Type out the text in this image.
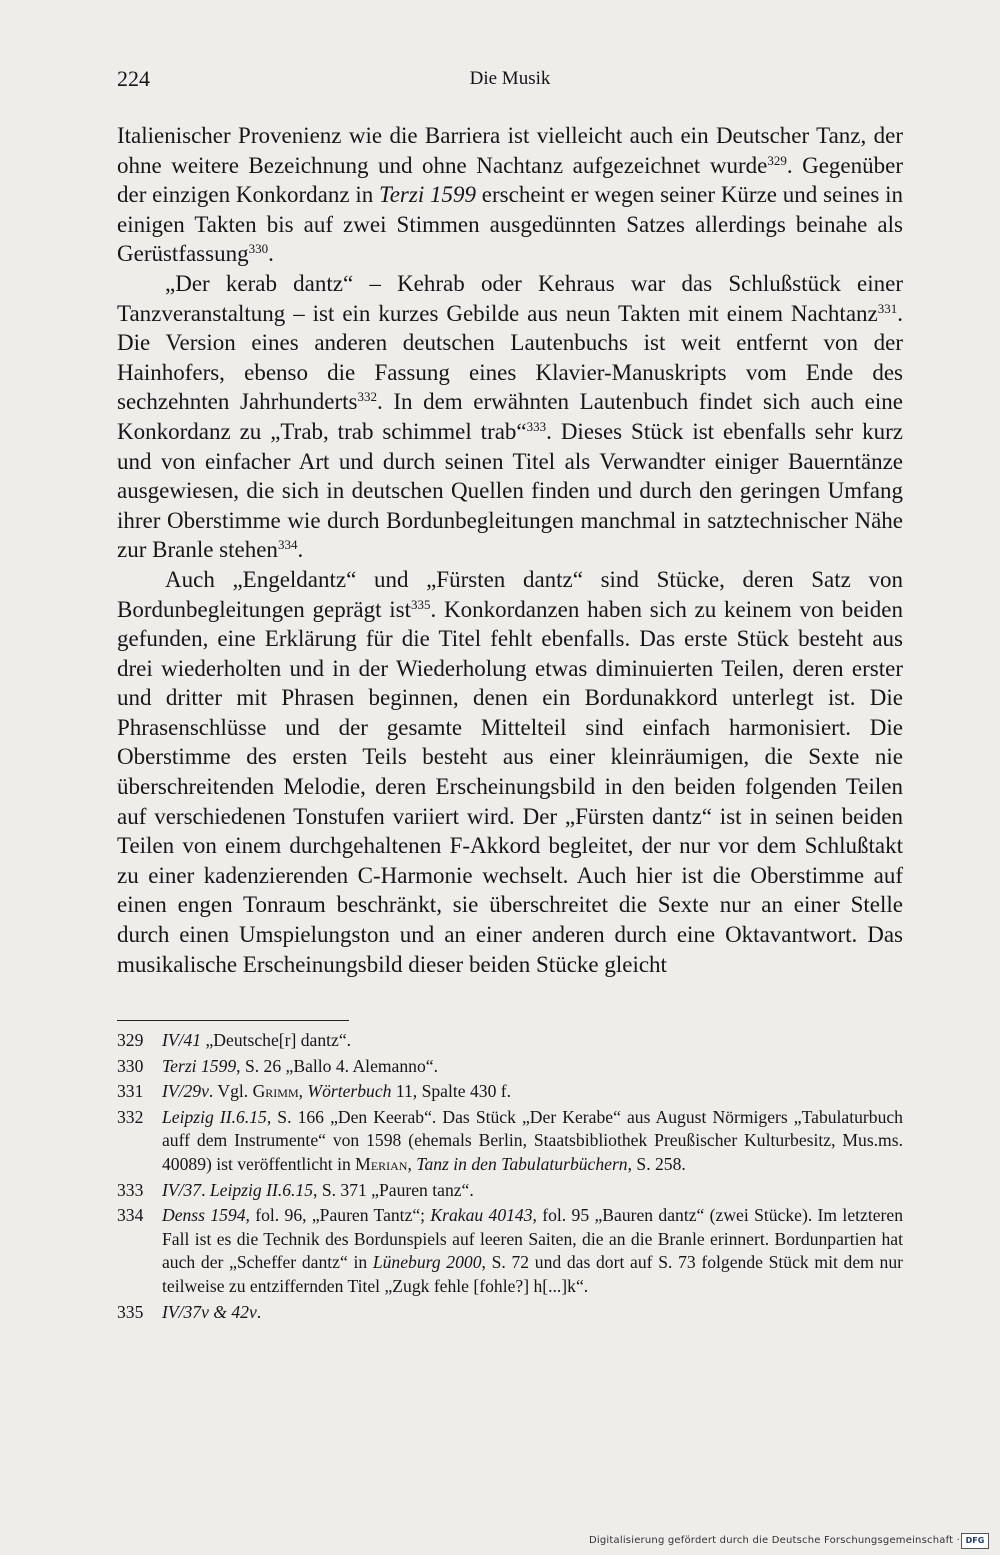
224	Die Musik

Italienischer Provenienz wie die Barriera ist vielleicht auch ein Deutscher Tanz, der ohne weitere Bezeichnung und ohne Nachtanz aufgezeichnet wurde$^{329}$. Gegenüber der einzigen Konkordanz in Terzi 1599 erscheint er wegen seiner Kürze und seines in einigen Takten bis auf zwei Stimmen ausgedünnten Satzes allerdings beinahe als Gerüstfassung$^{330}$.

„Der kerab dantz“ – Kehrab oder Kehraus war das Schlußstück einer Tanzveranstaltung – ist ein kurzes Gebilde aus neun Takten mit einem Nachtanz$^{331}$. Die Version eines anderen deutschen Lautenbuchs ist weit entfernt von der Hainhofers, ebenso die Fassung eines Klavier-Manuskripts vom Ende des sechzehnten Jahrhunderts$^{332}$. In dem erwähnten Lautenbuch findet sich auch eine Konkordanz zu „Trab, trab schimmel trab“$^{333}$. Dieses Stück ist ebenfalls sehr kurz und von einfacher Art und durch seinen Titel als Verwandter einiger Bauerntänze ausgewiesen, die sich in deutschen Quellen finden und durch den geringen Umfang ihrer Oberstimme wie durch Bordunbegleitungen manchmal in satztechnischer Nähe zur Branle stehen$^{334}$.

Auch „Engeldantz“ und „Fürsten dantz“ sind Stücke, deren Satz von Bordunbegleitungen geprägt ist$^{335}$. Konkordanzen haben sich zu keinem von beiden gefunden, eine Erklärung für die Titel fehlt ebenfalls. Das erste Stück besteht aus drei wiederholten und in der Wiederholung etwas diminuierten Teilen, deren erster und dritter mit Phrasen beginnen, denen ein Bordunakkord unterlegt ist. Die Phrasenschlüsse und der gesamte Mittelteil sind einfach harmonisiert. Die Oberstimme des ersten Teils besteht aus einer kleinräumigen, die Sexte nie überschreitenden Melodie, deren Erscheinungsbild in den beiden folgenden Teilen auf verschiedenen Tonstufen variiert wird. Der „Fürsten dantz“ ist in seinen beiden Teilen von einem durchgehaltenen F-Akkord begleitet, der nur vor dem Schlußtakt zu einer kadenzierenden C-Harmonie wechselt. Auch hier ist die Oberstimme auf einen engen Tonraum beschränkt, sie überschreitet die Sexte nur an einer Stelle durch einen Umspielungston und an einer anderen durch eine Oktavantwort. Das musikalische Erscheinungsbild dieser beiden Stücke gleicht

329 IV/41 „Deutsche[r] dantz“.
330 Terzi 1599, S. 26 „Ballo 4. Alemanno“.
331 IV/29v. Vgl. Grimm, Wörterbuch 11, Spalte 430 f.
332 Leipzig II.6.15, S. 166 „Den Keerab“. Das Stück „Der Kerabe“ aus August Nörmigers „Tabulaturbuch auff dem Instrumente“ von 1598 (ehemals Berlin, Staatsbibliothek Preußischer Kulturbesitz, Mus.ms. 40089) ist veröffentlicht in Merian, Tanz in den Tabulaturbüchern, S. 258.
333 IV/37. Leipzig II.6.15, S. 371 „Pauren tanz“.
334 Denss 1594, fol. 96, „Pauren Tantz“; Krakau 40143, fol. 95 „Bauren dantz“ (zwei Stücke). Im letzteren Fall ist es die Technik des Bordunspiels auf leeren Saiten, die an die Branle erinnert. Bordunpartien hat auch der „Scheffer dantz“ in Lüneburg 2000, S. 72 und das dort auf S. 73 folgende Stück mit dem nur teilweise zu entziffernden Titel „Zugk fehle [fohle?] h[...]k“.
335 IV/37v & 42v.
Digitalisierung gefördert durch die Deutsche Forschungsgemeinschaft · DFG
